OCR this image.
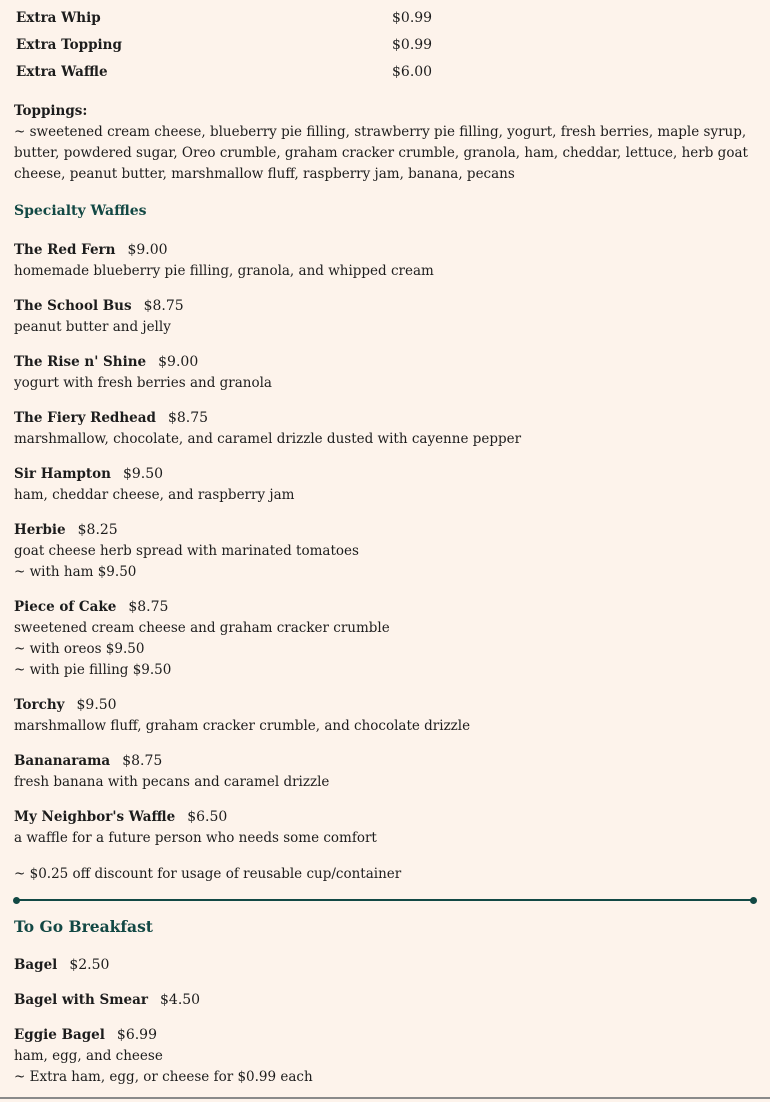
Extra Whip	$0.99
Extra Topping	$0.99
Extra Waffle	$6.00
Toppings:
~ sweetened cream cheese, blueberry pie filling, strawberry pie filling, yogurt, fresh berries, maple syrup, butter, powdered sugar, Oreo crumble, graham cracker crumble, granola, ham, cheddar, lettuce, herb goat cheese, peanut butter, marshmallow fluff, raspberry jam, banana, pecans
Specialty Waffles
The Red Fern $9.00
homemade blueberry pie filling, granola, and whipped cream
The School Bus $8.75
peanut butter and jelly
The Rise n' Shine $9.00
yogurt with fresh berries and granola
The Fiery Redhead $8.75
marshmallow, chocolate, and caramel drizzle dusted with cayenne pepper
Sir Hampton $9.50
ham, cheddar cheese, and raspberry jam
Herbie $8.25
goat cheese herb spread with marinated tomatoes
~ with ham $9.50
Piece of Cake $8.75
sweetened cream cheese and graham cracker crumble
~ with oreos $9.50
~ with pie filling $9.50
Torchy $9.50
marshmallow fluff, graham cracker crumble, and chocolate drizzle
Bananarama $8.75
fresh banana with pecans and caramel drizzle
My Neighbor's Waffle $6.50
a waffle for a future person who needs some comfort
~ $0.25 off discount for usage of reusable cup/container
To Go Breakfast
Bagel $2.50
Bagel with Smear $4.50
Eggie Bagel $6.99
ham, egg, and cheese
~ Extra ham, egg, or cheese for $0.99 each
